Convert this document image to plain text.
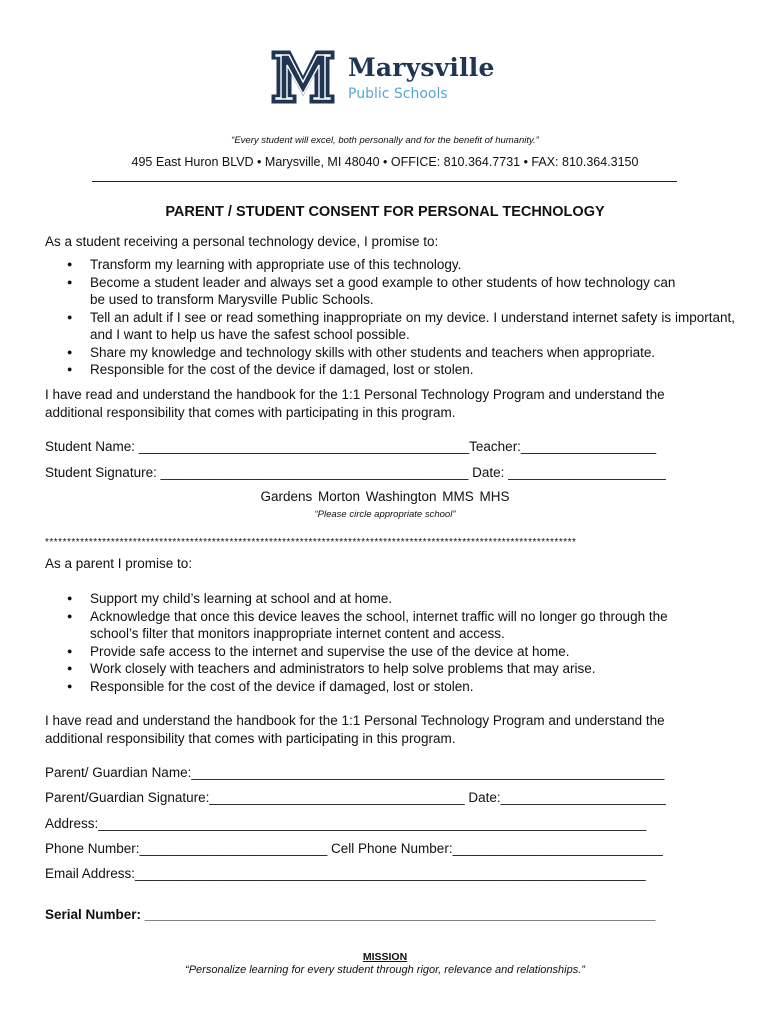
Marysville
Public Schools
“Every student will excel, both personally and for the benefit of humanity.”
495 East Huron BLVD • Marysville, MI 48040 • OFFICE: 810.364.7731 • FAX: 810.364.3150
PARENT / STUDENT CONSENT FOR PERSONAL TECHNOLOGY
As a student receiving a personal technology device, I promise to:
● Transform my learning with appropriate use of this technology.
● Become a student leader and always set a good example to other students of how technology can be used to transform Marysville Public Schools.
● Tell an adult if I see or read something inappropriate on my device. I understand internet safety is important, and I want to help us have the safest school possible.
● Share my knowledge and technology skills with other students and teachers when appropriate.
● Responsible for the cost of the device if damaged, lost or stolen.
I have read and understand the handbook for the 1:1 Personal Technology Program and understand the additional responsibility that comes with participating in this program.
Student Name: ____________________________________________Teacher:__________________
Student Signature: _________________________________________ Date: _____________________
Gardens Morton Washington MMS MHS
“Please circle appropriate school”
*************************************************************************************************************************
As a parent I promise to:
● Support my child’s learning at school and at home.
● Acknowledge that once this device leaves the school, internet traffic will no longer go through the school’s filter that monitors inappropriate internet content and access.
● Provide safe access to the internet and supervise the use of the device at home.
● Work closely with teachers and administrators to help solve problems that may arise.
● Responsible for the cost of the device if damaged, lost or stolen.
I have read and understand the handbook for the 1:1 Personal Technology Program and understand the additional responsibility that comes with participating in this program.
Parent/ Guardian Name:_______________________________________________________________
Parent/Guardian Signature:__________________________________ Date:______________________
Address:_________________________________________________________________________
Phone Number:_________________________ Cell Phone Number:____________________________
Email Address:____________________________________________________________________
Serial Number: ____________________________________________________________________
MISSION
“Personalize learning for every student through rigor, relevance and relationships.”
